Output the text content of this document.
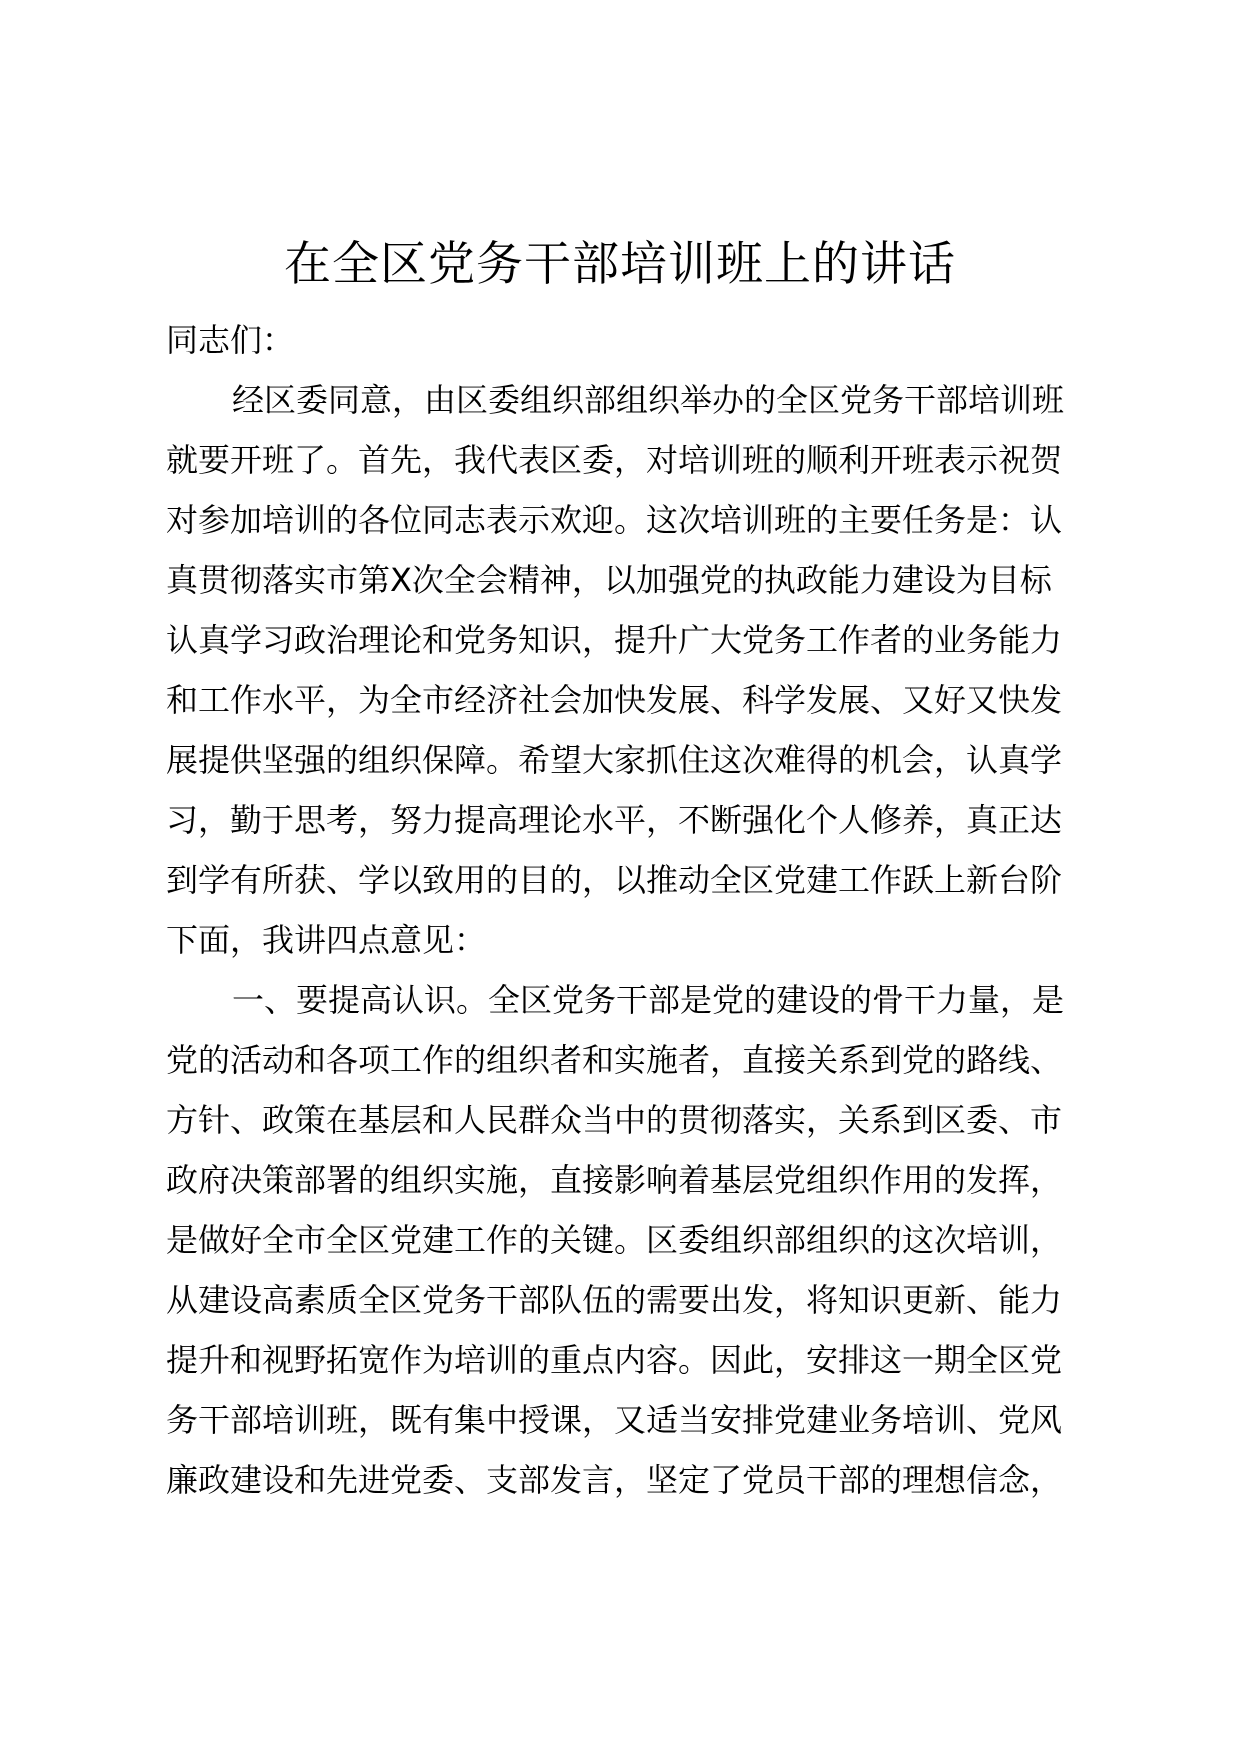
在全区党务干部培训班上的讲话
同志们：
经区委同意，由区委组织部组织举办的全区党务干部培训班
就要开班了。首先，我代表区委，对培训班的顺利开班表示祝贺
对参加培训的各位同志表示欢迎。这次培训班的主要任务是：认
真贯彻落实市第X次全会精神，以加强党的执政能力建设为目标
认真学习政治理论和党务知识，提升广大党务工作者的业务能力
和工作水平，为全市经济社会加快发展、科学发展、又好又快发
展提供坚强的组织保障。希望大家抓住这次难得的机会，认真学
习，勤于思考，努力提高理论水平，不断强化个人修养，真正达
到学有所获、学以致用的目的，以推动全区党建工作跃上新台阶
下面，我讲四点意见：
一、要提高认识。全区党务干部是党的建设的骨干力量，是
党的活动和各项工作的组织者和实施者，直接关系到党的路线、
方针、政策在基层和人民群众当中的贯彻落实，关系到区委、市
政府决策部署的组织实施，直接影响着基层党组织作用的发挥，
是做好全市全区党建工作的关键。区委组织部组织的这次培训，
从建设高素质全区党务干部队伍的需要出发，将知识更新、能力
提升和视野拓宽作为培训的重点内容。因此，安排这一期全区党
务干部培训班，既有集中授课，又适当安排党建业务培训、党风
廉政建设和先进党委、支部发言，坚定了党员干部的理想信念，
